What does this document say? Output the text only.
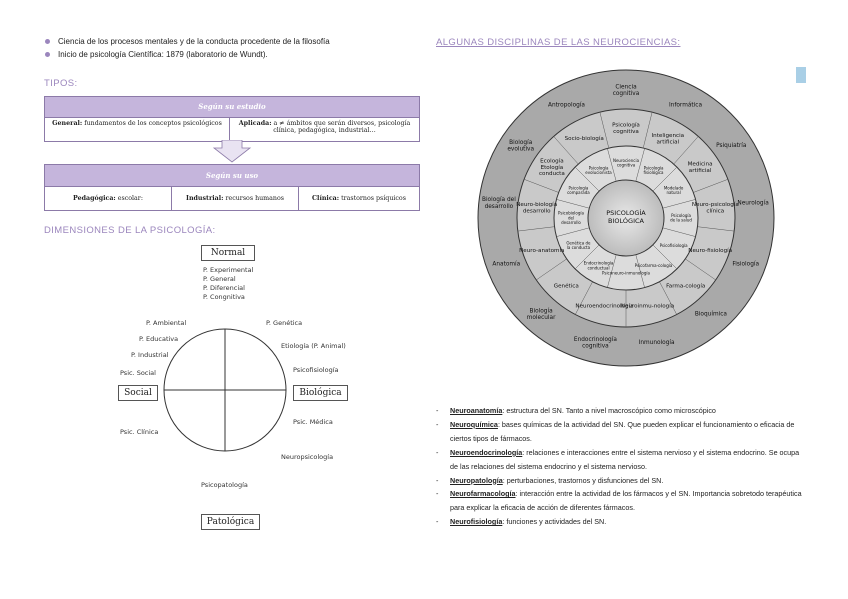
Ciencia de los procesos mentales y de la conducta procedente de la filosofía
Inicio de psicología Científica: 1879 (laboratorio de Wundt).
TIPOS:
Según su estudio
General: fundamentos de los conceptos psicológicos	Aplicada: a ≠ ámbitos que serán diversos, psicología clínica, pedagógica, industrial…
Según su uso
Pedagógica: escolar:	Industrial: recursos humanos	Clínica: trastornos psíquicos
DIMENSIONES DE LA PSICOLOGÍA:
Normal
Social	Biológica
Patológica
P. Experimental
P. General
P. Diferencial
P. Congnitiva
P. Ambiental
P. Educativa
P. Industrial
Psic. Social
Psic. Clínica
P. Genética
Etiología (P. Animal)
Psicofisiología
Psic. Médica
Neuropsicología
Psicopatología
ALGUNAS DISCIPLINAS DE LAS NEUROCIENCIAS:
Ciencia cognitiva
Informática
Psiquiatría
Neurología
Fisiología
Bioquímica
Inmunología
Endocrinología cognitiva
Biología molecular
Anatomía
Biología del desarrollo
Biología evolutiva
Antropología
Psicología cognitiva
Inteligencia artificial
Medicina artificial
Neuro-psicología clínica
Neuro-fisiología
Farma-cología
Neuroinmu-nología
Neuroendocrinología
Genética
Neuro-anatomía
Neuro-biología desarrollo
Ecología Etología conducta
Socio-biología
Neurociencia cognitiva
Psicología fisiológica
Modelado natural
Psicología de la salud
Psicofisiología
Psicofarma-cología
Psiconeuro-inmunología
Endocrinología conductual
Genética de la conducta
Psicobiología del desarrollo
Psicología comparada
Psicología evolucionista
PSICOLOGÍA
BIOLÓGICA
- Neuroanatomía: estructura del SN. Tanto a nivel macroscópico como microscópico
- Neuroquímica: bases químicas de la actividad del SN. Que pueden explicar el funcionamiento o eficacia de ciertos tipos de fármacos.
- Neuroendocrinología: relaciones e interacciones entre el sistema nervioso y el sistema endocrino. Se ocupa de las relaciones del sistema endocrino y el sistema nervioso.
- Neuropatología: perturbaciones, trastornos y disfunciones del SN.
- Neurofarmacología: interacción entre la actividad de los fármacos y el SN. Importancia sobretodo terapéutica para explicar la eficacia de acción de diferentes fármacos.
- Neurofisiología: funciones y actividades del SN.
